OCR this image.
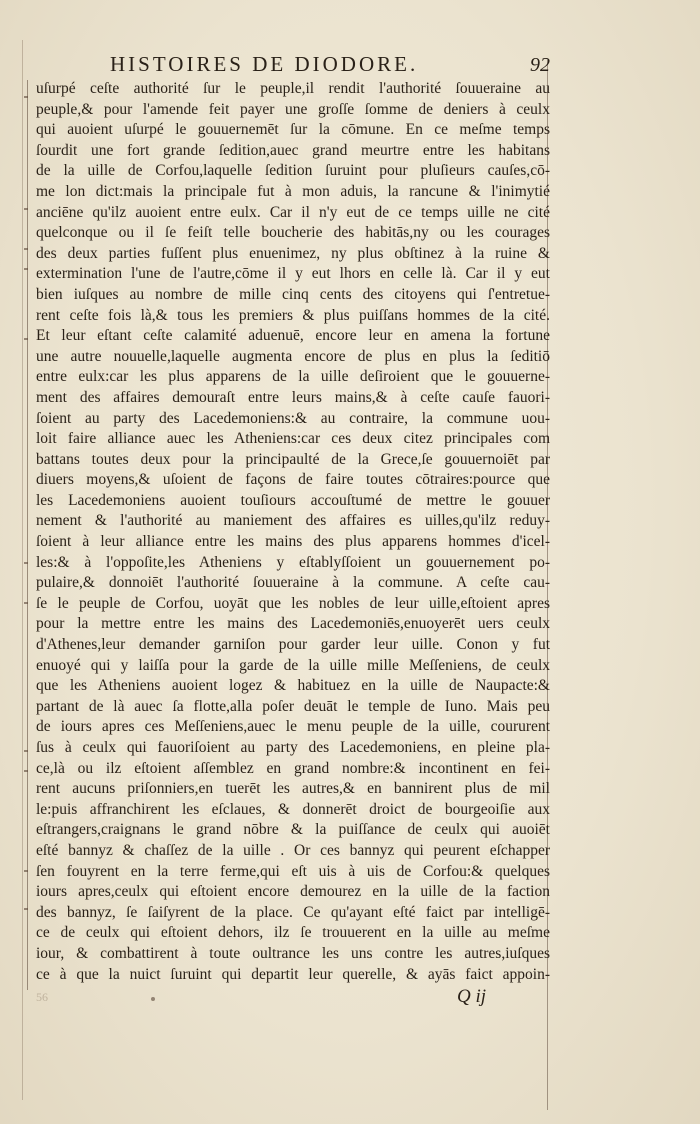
HISTOIRES DE DIODORE.	92
uſurpé ceſte authorité ſur le peuple,il rendit l'authorité ſouueraine au
peuple,& pour l'amende feit payer une groſſe ſomme de deniers à ceulx
qui auoient uſurpé le gouuernemēt ſur la cōmune. En ce meſme temps
ſourdit une fort grande ſedition,auec grand meurtre entre les habitans
de la uille de Corfou,laquelle ſedition ſuruint pour pluſieurs cauſes,cō-
me lon dict:mais la principale fut à mon aduis, la rancune & l'inimytié
anciēne qu'ilz auoient entre eulx. Car il n'y eut de ce temps uille ne cité
quelconque ou il ſe feiſt telle boucherie des habitās,ny ou les courages
des deux parties fuſſent plus enuenimez, ny plus obſtinez à la ruine &
extermination l'une de l'autre,cōme il y eut lhors en celle là. Car il y eut
bien iuſques au nombre de mille cinq cents des citoyens qui ſ'entretue-
rent ceſte fois là,& tous les premiers & plus puiſſans hommes de la cité.
Et leur eſtant ceſte calamité aduenuē, encore leur en amena la fortune
une autre nouuelle,laquelle augmenta encore de plus en plus la ſeditiō
entre eulx:car les plus apparens de la uille deſiroient que le gouuerne-
ment des affaires demouraſt entre leurs mains,& à ceſte cauſe fauori-
ſoient au party des Lacedemoniens:& au contraire, la commune uou-
loit faire alliance auec les Atheniens:car ces deux citez principales com
battans toutes deux pour la principaulté de la Grece,ſe gouuernoiēt par
diuers moyens,& uſoient de façons de faire toutes cōtraires:pource que
les Lacedemoniens auoient touſiours accouſtumé de mettre le gouuer
nement & l'authorité au maniement des affaires es uilles,qu'ilz reduy-
ſoient à leur alliance entre les mains des plus apparens hommes d'icel-
les:& à l'oppoſite,les Atheniens y eſtablyſſoient un gouuernement po-
pulaire,& donnoiēt l'authorité ſouueraine à la commune. A ceſte cau-
ſe le peuple de Corfou, uoyāt que les nobles de leur uille,eſtoient apres
pour la mettre entre les mains des Lacedemoniēs,enuoyerēt uers ceulx
d'Athenes,leur demander garniſon pour garder leur uille. Conon y fut
enuoyé qui y laiſſa pour la garde de la uille mille Meſſeniens, de ceulx
que les Atheniens auoient logez & habituez en la uille de Naupacte:&
partant de là auec ſa flotte,alla poſer deuāt le temple de Iuno. Mais peu
de iours apres ces Meſſeniens,auec le menu peuple de la uille, coururent
ſus à ceulx qui fauoriſoient au party des Lacedemoniens, en pleine pla-
ce,là ou ilz eſtoient aſſemblez en grand nombre:& incontinent en fei-
rent aucuns priſonniers,en tuerēt les autres,& en bannirent plus de mil
le:puis affranchirent les eſclaues, & donnerēt droict de bourgeoiſie aux
eſtrangers,craignans le grand nōbre & la puiſſance de ceulx qui auoiēt
eſté bannyz & chaſſez de la uille . Or ces bannyz qui peurent eſchapper
ſen fouyrent en la terre ferme,qui eſt uis à uis de Corfou:& quelques
iours apres,ceulx qui eſtoient encore demourez en la uille de la faction
des bannyz, ſe ſaiſyrent de la place. Ce qu'ayant eſté faict par intelligē-
ce de ceulx qui eſtoient dehors, ilz ſe trouuerent en la uille au meſme
iour, & combattirent à toute oultrance les uns contre les autres,iuſques
ce à que la nuict ſuruint qui departit leur querelle, & ayās faict appoin-
56	Q ij
